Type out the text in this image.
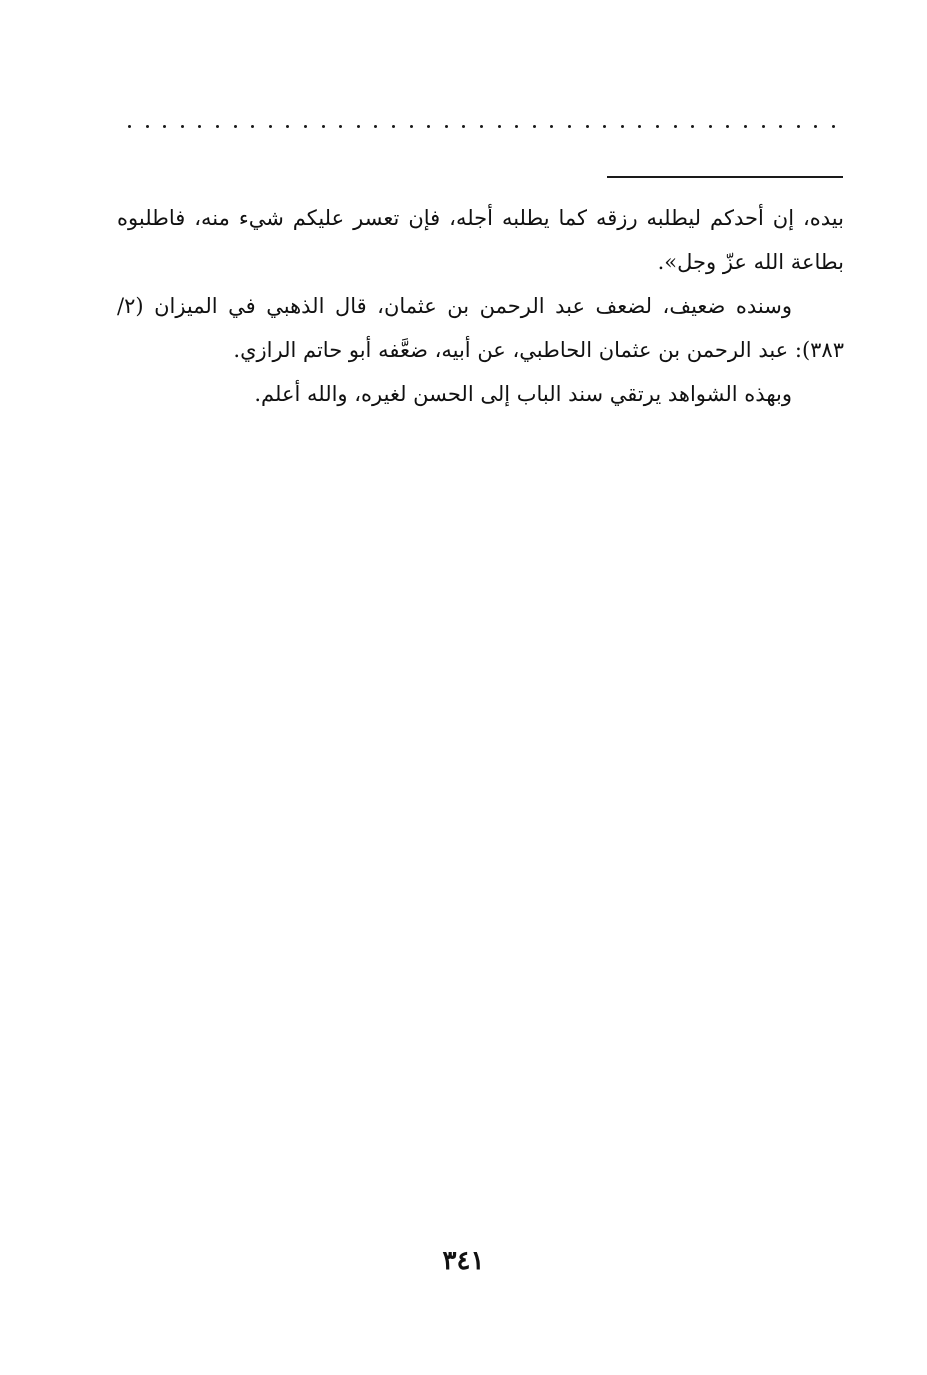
بيده، إن أحدكم ليطلبه رزقه كما يطلبه أجله، فإن تعسر عليكم شيء منه، فاطلبوه بطاعة الله عزّ وجل».

وسنده ضعيف، لضعف عبد الرحمن بن عثمان، قال الذهبي في الميزان (٢/ ٣٨٣): عبد الرحمن بن عثمان الحاطبي، عن أبيه، ضعَّفه أبو حاتم الرازي.

وبهذه الشواهد يرتقي سند الباب إلى الحسن لغيره، والله أعلم.

٣٤١
